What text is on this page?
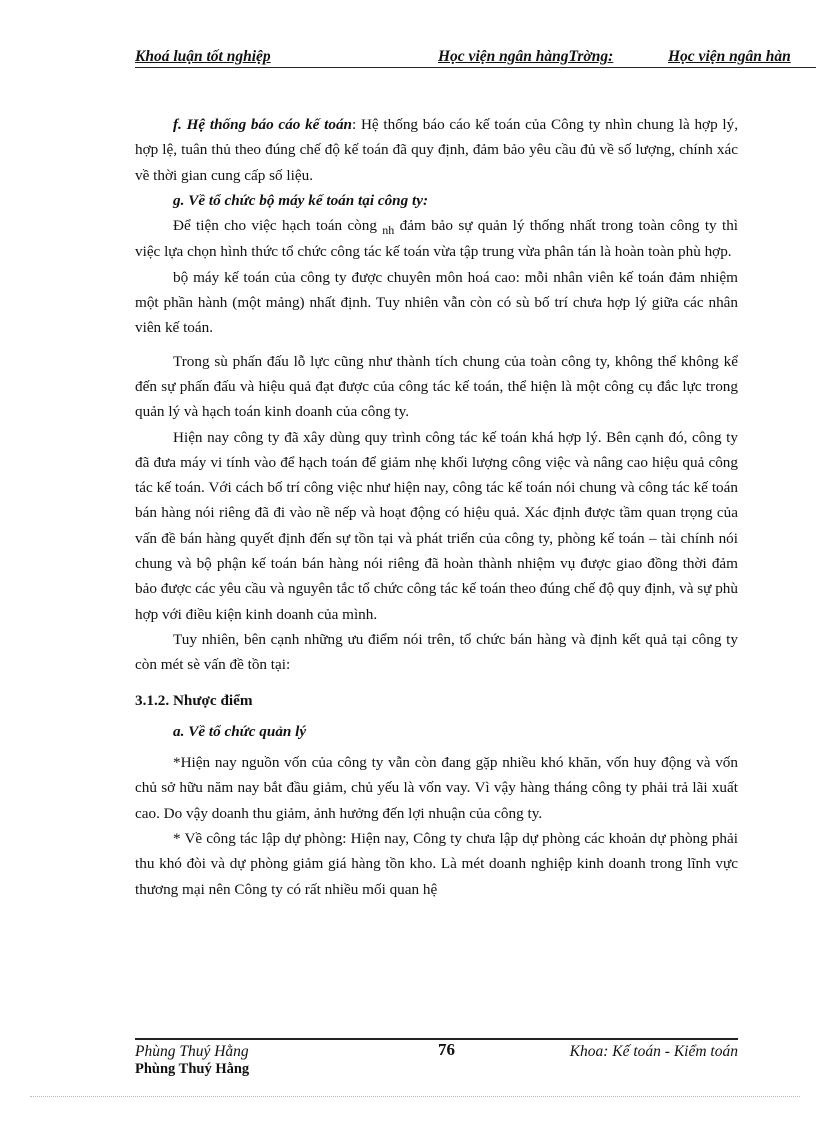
Khoá luận tốt nghiệp	Học viện ngân hàngTrờng:	Học viện ngân hàn

f. Hệ thống báo cáo kế toán: Hệ thống báo cáo kế toán của Công ty nhìn chung là hợp lý, hợp lệ, tuân thủ theo đúng chế độ kế toán đã quy định, đảm bảo yêu cầu đủ về số lượng, chính xác về thời gian cung cấp số liệu.

g. Về tổ chức bộ máy kế toán tại công ty:

Để tiện cho việc hạch toán còng $_{nh}$ đảm bảo sự quản lý thống nhất trong toàn công ty thì việc lựa chọn hình thức tổ chức công tác kế toán vừa tập trung vừa phân tán là hoàn toàn phù hợp.

bộ máy kế toán của công ty được chuyên môn hoá cao: mỗi nhân viên kế toán đảm nhiệm một phần hành (một mảng) nhất định. Tuy nhiên vẫn còn có sù bố trí chưa hợp lý giữa các nhân viên kế toán.

Trong sù phấn đấu lỗ lực cũng như thành tích chung của toàn công ty, không thể không kể đến sự phấn đấu và hiệu quả đạt được của công tác kế toán, thể hiện là một công cụ đắc lực trong quản lý và hạch toán kinh doanh của công ty.

Hiện nay công ty đã xây dùng quy trình công tác kế toán khá hợp lý. Bên cạnh đó, công ty đã đưa máy vi tính vào để hạch toán để giảm nhẹ khối lượng công việc và nâng cao hiệu quả công tác kế toán. Với cách bố trí công việc như hiện nay, công tác kế toán nói chung và công tác kế toán bán hàng nói riêng đã đi vào nề nếp và hoạt động có hiệu quả. Xác định được tầm quan trọng của vấn đề bán hàng quyết định đến sự tồn tại và phát triển của công ty, phòng kế toán – tài chính nói chung và bộ phận kế toán bán hàng nói riêng đã hoàn thành nhiệm vụ được giao đồng thời đảm bảo được các yêu cầu và nguyên tắc tổ chức công tác kế toán theo đúng chế độ quy định, và sự phù hợp với điều kiện kinh doanh của mình.

Tuy nhiên, bên cạnh những ưu điểm nói trên, tổ chức bán hàng và định kết quả tại công ty còn mét sè vấn đề tồn tại:

3.1.2. Nhược điểm
a. Về tổ chức quản lý

*Hiện nay nguồn vốn của công ty vẫn còn đang gặp nhiều khó khăn, vốn huy động và vốn chủ sở hữu năm nay bắt đầu giảm, chủ yếu là vốn vay. Vì vậy hàng tháng công ty phải trả lãi xuất cao. Do vậy doanh thu giảm, ảnh hưởng đến lợi nhuận của công ty.

* Về công tác lập dự phòng: Hiện nay, Công ty chưa lập dự phòng các khoản dự phòng phải thu khó đòi và dự phòng giảm giá hàng tồn kho. Là mét doanh nghiệp kinh doanh trong lĩnh vực thương mại nên Công ty có rất nhiều mối quan hệ

Phùng Thuý Hằng
Phùng Thuý Hằng
76	Khoa: Kế toán - Kiểm toán
